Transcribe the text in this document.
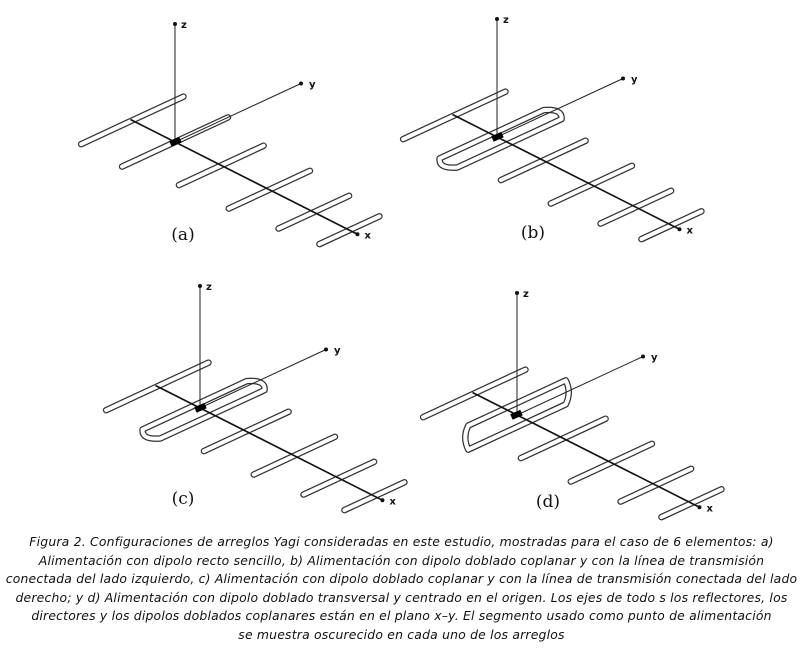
z
y
x
(a)
z
y
x
(b)
z
y
x
(c)
z
y
x
(d)
Figura 2. Configuraciones de arreglos Yagi consideradas en este estudio, mostradas para el caso de 6 elementos: a)
Alimentación con dipolo recto sencillo, b) Alimentación con dipolo doblado coplanar y con la línea de transmisión
conectada del lado izquierdo, c) Alimentación con dipolo doblado coplanar y con la línea de transmisión conectada del lado
derecho; y d) Alimentación con dipolo doblado transversal y centrado en el origen. Los ejes de todo s los reflectores, los
directores y los dipolos doblados coplanares están en el plano x–y. El segmento usado como punto de alimentación
se muestra oscurecido en cada uno de los arreglos
